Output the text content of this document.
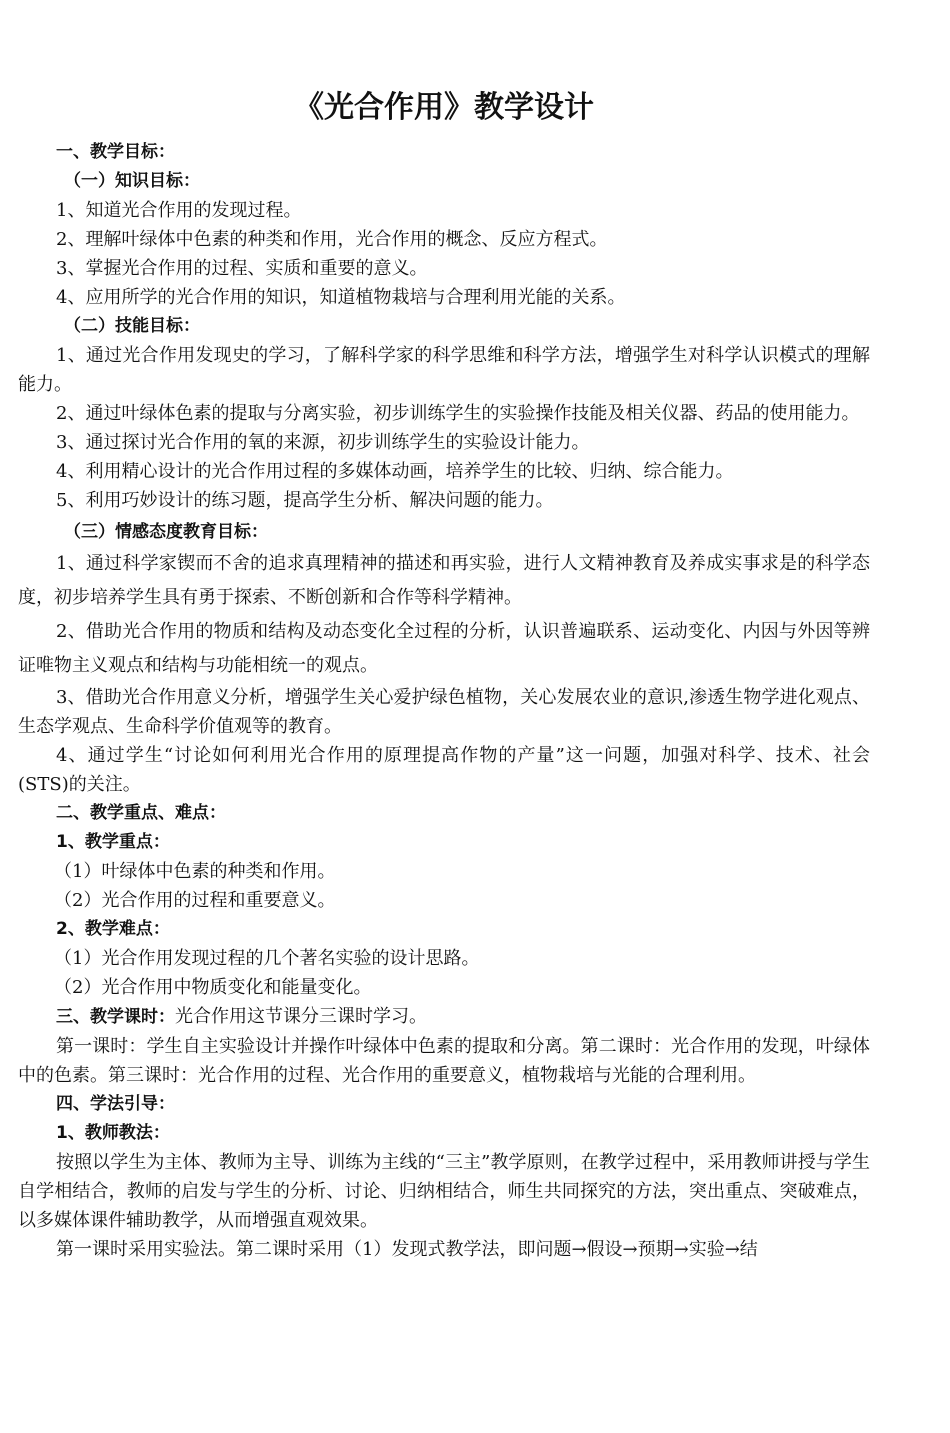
《光合作用》教学设计

一、教学目标：

（一）知识目标：

1、知道光合作用的发现过程。

2、理解叶绿体中色素的种类和作用，光合作用的概念、反应方程式。

3、掌握光合作用的过程、实质和重要的意义。

4、应用所学的光合作用的知识，知道植物栽培与合理利用光能的关系。

（二）技能目标：

1、通过光合作用发现史的学习，了解科学家的科学思维和科学方法，增强学生对科学认识模式的理解能力。

2、通过叶绿体色素的提取与分离实验，初步训练学生的实验操作技能及相关仪器、药品的使用能力。

3、通过探讨光合作用的氧的来源，初步训练学生的实验设计能力。

4、利用精心设计的光合作用过程的多媒体动画，培养学生的比较、归纳、综合能力。

5、利用巧妙设计的练习题，提高学生分析、解决问题的能力。

（三）情感态度教育目标：

1、通过科学家锲而不舍的追求真理精神的描述和再实验，进行人文精神教育及养成实事求是的科学态度，初步培养学生具有勇于探索、不断创新和合作等科学精神。

2、借助光合作用的物质和结构及动态变化全过程的分析，认识普遍联系、运动变化、内因与外因等辨证唯物主义观点和结构与功能相统一的观点。

3、借助光合作用意义分析，增强学生关心爱护绿色植物，关心发展农业的意识,渗透生物学进化观点、生态学观点、生命科学价值观等的教育。

4、通过学生“讨论如何利用光合作用的原理提高作物的产量”这一问题，加强对科学、技术、社会(STS)的关注。

二、教学重点、难点：

1、教学重点：

（1）叶绿体中色素的种类和作用。

（2）光合作用的过程和重要意义。

2、教学难点：

（1）光合作用发现过程的几个著名实验的设计思路。

（2）光合作用中物质变化和能量变化。

三、教学课时：光合作用这节课分三课时学习。

第一课时：学生自主实验设计并操作叶绿体中色素的提取和分离。第二课时：光合作用的发现，叶绿体中的色素。第三课时：光合作用的过程、光合作用的重要意义，植物栽培与光能的合理利用。

四、学法引导：

1、教师教法：

按照以学生为主体、教师为主导、训练为主线的“三主”教学原则，在教学过程中，采用教师讲授与学生自学相结合，教师的启发与学生的分析、讨论、归纳相结合，师生共同探究的方法，突出重点、突破难点，以多媒体课件辅助教学，从而增强直观效果。

第一课时采用实验法。第二课时采用（1）发现式教学法，即问题→假设→预期→实验→结
